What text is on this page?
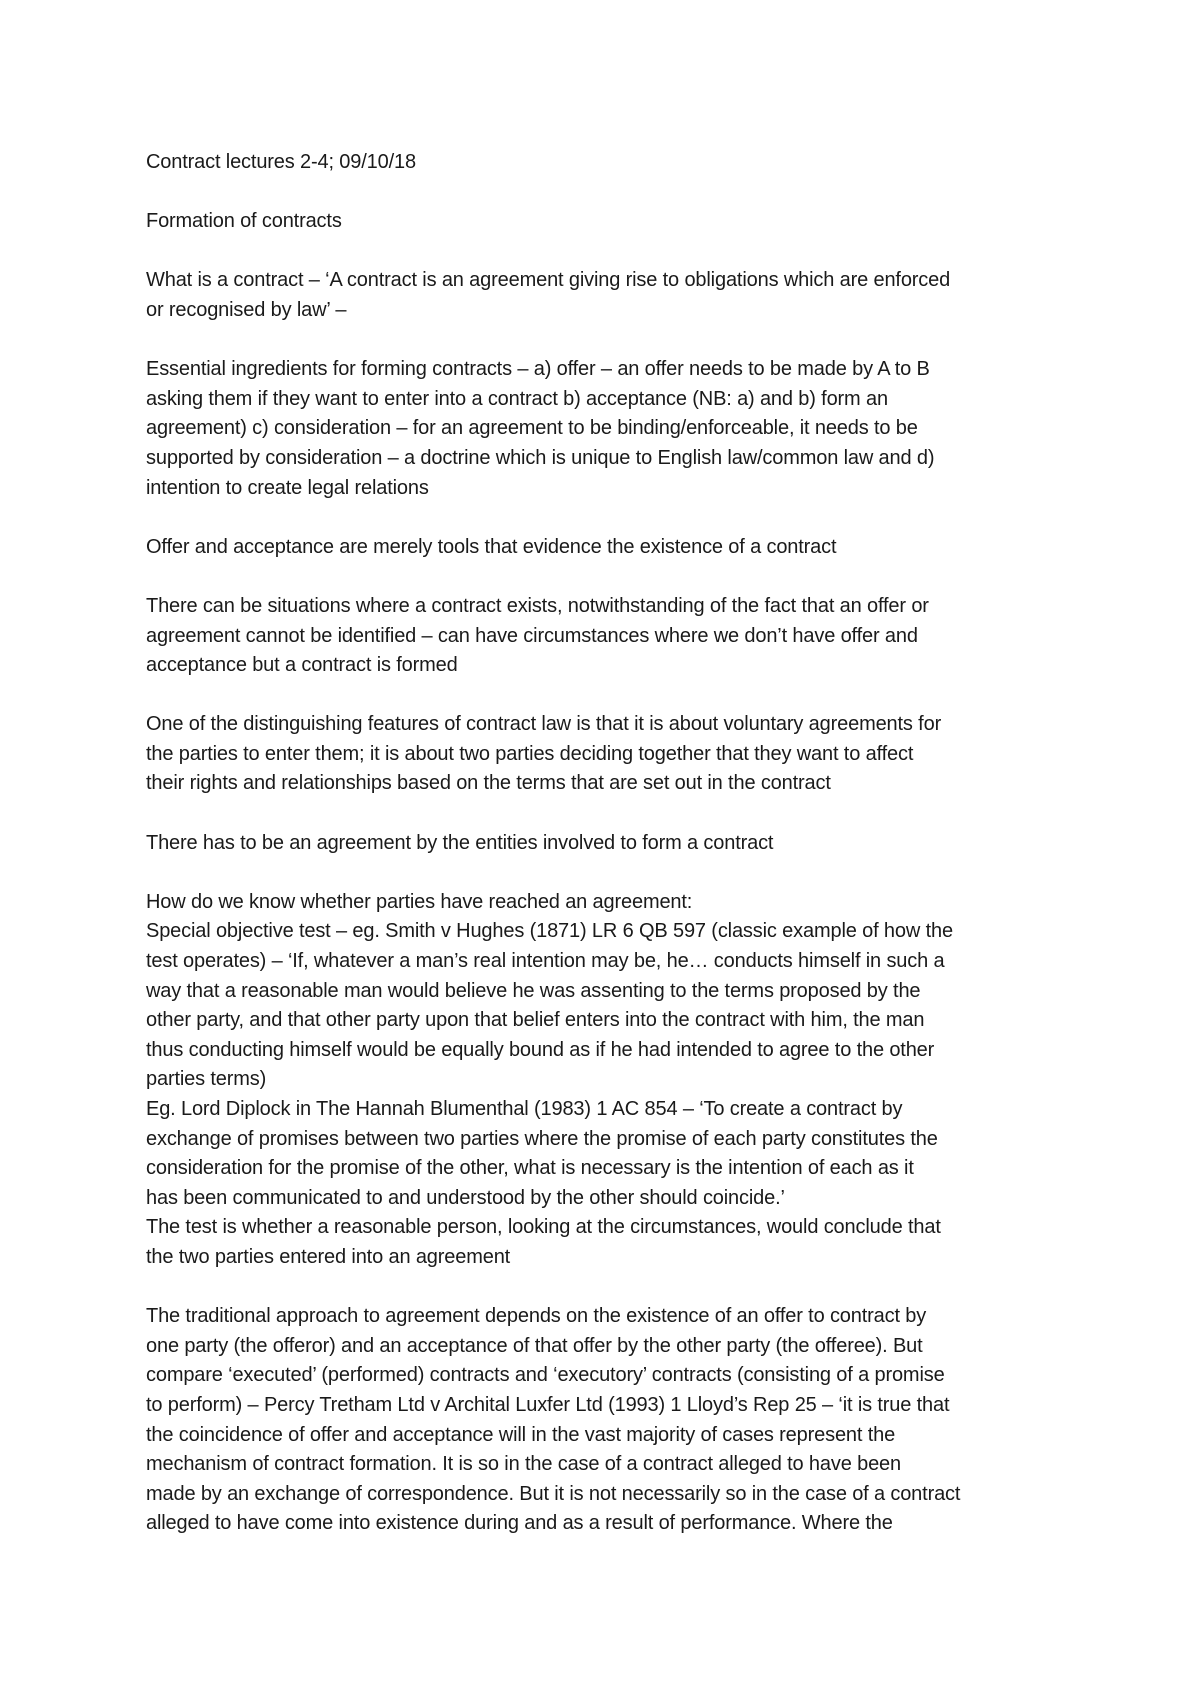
Contract lectures 2-4; 09/10/18

Formation of contracts

What is a contract – ‘A contract is an agreement giving rise to obligations which are enforced
or recognised by law’ –

Essential ingredients for forming contracts – a) offer – an offer needs to be made by A to B
asking them if they want to enter into a contract b) acceptance (NB: a) and b) form an
agreement) c) consideration – for an agreement to be binding/enforceable, it needs to be
supported by consideration – a doctrine which is unique to English law/common law and d)
intention to create legal relations

Offer and acceptance are merely tools that evidence the existence of a contract

There can be situations where a contract exists, notwithstanding of the fact that an offer or
agreement cannot be identified – can have circumstances where we don’t have offer and
acceptance but a contract is formed

One of the distinguishing features of contract law is that it is about voluntary agreements for
the parties to enter them; it is about two parties deciding together that they want to affect
their rights and relationships based on the terms that are set out in the contract

There has to be an agreement by the entities involved to form a contract

How do we know whether parties have reached an agreement:
Special objective test – eg. Smith v Hughes (1871) LR 6 QB 597 (classic example of how the
test operates) – ‘If, whatever a man’s real intention may be, he… conducts himself in such a
way that a reasonable man would believe he was assenting to the terms proposed by the
other party, and that other party upon that belief enters into the contract with him, the man
thus conducting himself would be equally bound as if he had intended to agree to the other
parties terms)
Eg. Lord Diplock in The Hannah Blumenthal (1983) 1 AC 854 – ‘To create a contract by
exchange of promises between two parties where the promise of each party constitutes the
consideration for the promise of the other, what is necessary is the intention of each as it
has been communicated to and understood by the other should coincide.’
The test is whether a reasonable person, looking at the circumstances, would conclude that
the two parties entered into an agreement

The traditional approach to agreement depends on the existence of an offer to contract by
one party (the offeror) and an acceptance of that offer by the other party (the offeree). But
compare ‘executed’ (performed) contracts and ‘executory’ contracts (consisting of a promise
to perform) – Percy Tretham Ltd v Archital Luxfer Ltd (1993) 1 Lloyd’s Rep 25 – ‘it is true that
the coincidence of offer and acceptance will in the vast majority of cases represent the
mechanism of contract formation. It is so in the case of a contract alleged to have been
made by an exchange of correspondence. But it is not necessarily so in the case of a contract
alleged to have come into existence during and as a result of performance. Where the
